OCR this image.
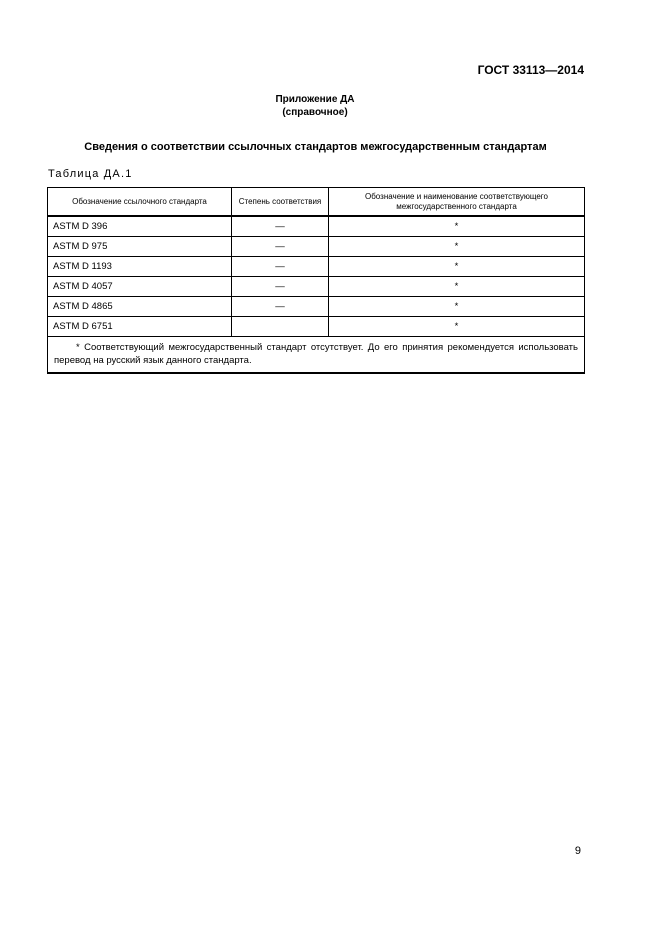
ГОСТ 33113—2014
Приложение ДА
(справочное)
Сведения о соответствии ссылочных стандартов межгосударственным стандартам
Таблица ДА.1
Обозначение ссылочного стандарта	Степень соответствия	Обозначение и наименование соответствующего межгосударственного стандарта
ASTM D 396	—	*
ASTM D 975	—	*
ASTM D 1193	—	*
ASTM D 4057	—	*
ASTM D 4865	—	*
ASTM D 6751		*
* Соответствующий межгосударственный стандарт отсутствует. До его принятия рекомендуется использовать перевод на русский язык данного стандарта.		
9
